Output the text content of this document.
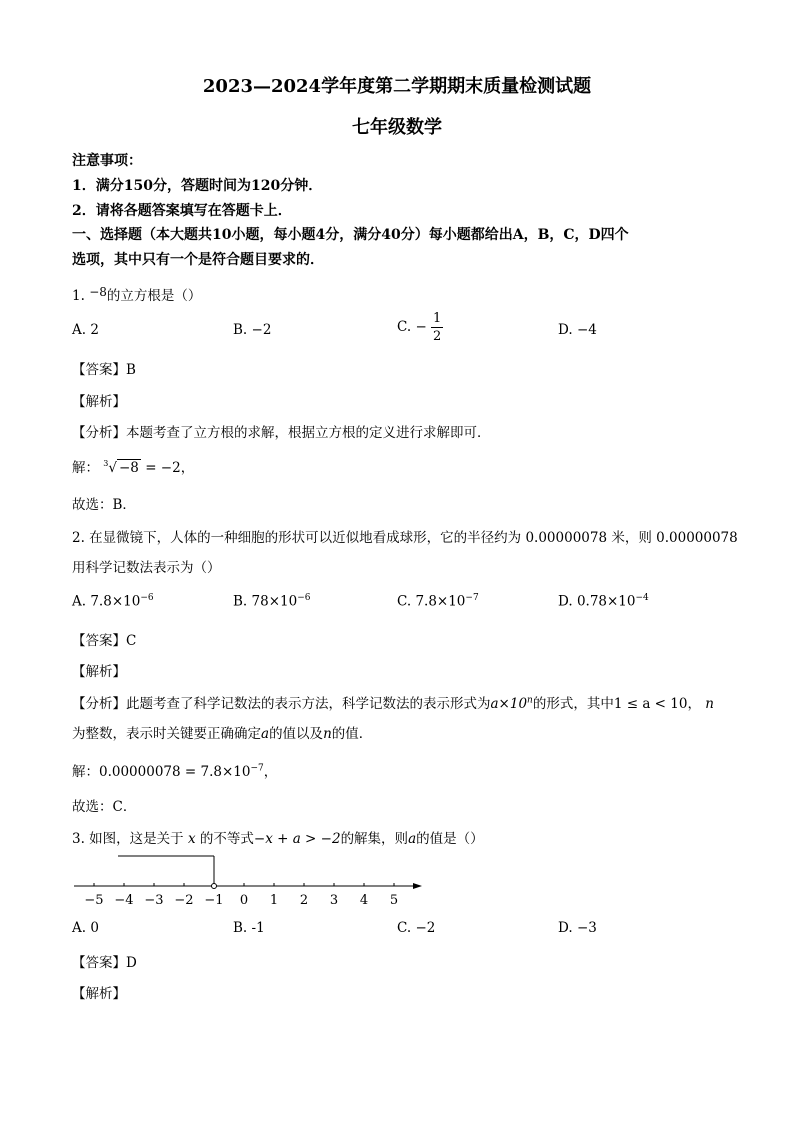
2023—2024学年度第二学期期末质量检测试题
七年级数学
注意事项：
1．满分150分，答题时间为120分钟．
2．请将各题答案填写在答题卡上．
一、选择题（本大题共10小题，每小题4分，满分40分）每小题都给出A，B，C，D四个
选项，其中只有一个是符合题目要求的．
1. −8的立方根是（）
A. 2	B. −2	C. − $\frac{1}{2}$	D. −4
【答案】B
【解析】
【分析】本题考查了立方根的求解，根据立方根的定义进行求解即可．
解： $^3$√ −8 = −2，
故选：B．
2. 在显微镜下，人体的一种细胞的形状可以近似地看成球形，它的半径约为 0.00000078 米，则 0.00000078
用科学记数法表示为（）
A. $7.8\times 10^{-6}$	B. $78\times 10^{-6}$	C. $7.8\times 10^{-7}$	D. $0.78\times 10^{-4}$
【答案】C
【解析】
【分析】此题考查了科学记数法的表示方法，科学记数法的表示形式为$a\times 10^n$的形式，其中1 ≤ a < 10， n
为整数，表示时关键要正确确定a的值以及n的值．
解：$0.00000078 = 7.8\times 10^{-7}$，
故选：C．
3. 如图，这是关于 x 的不等式−x + a > −2的解集，则a的值是（）
−5 −4 −3 −2 −1 0 1 2 3 4 5
A. 0	B. -1	C. −2	D. −3
【答案】D
【解析】
